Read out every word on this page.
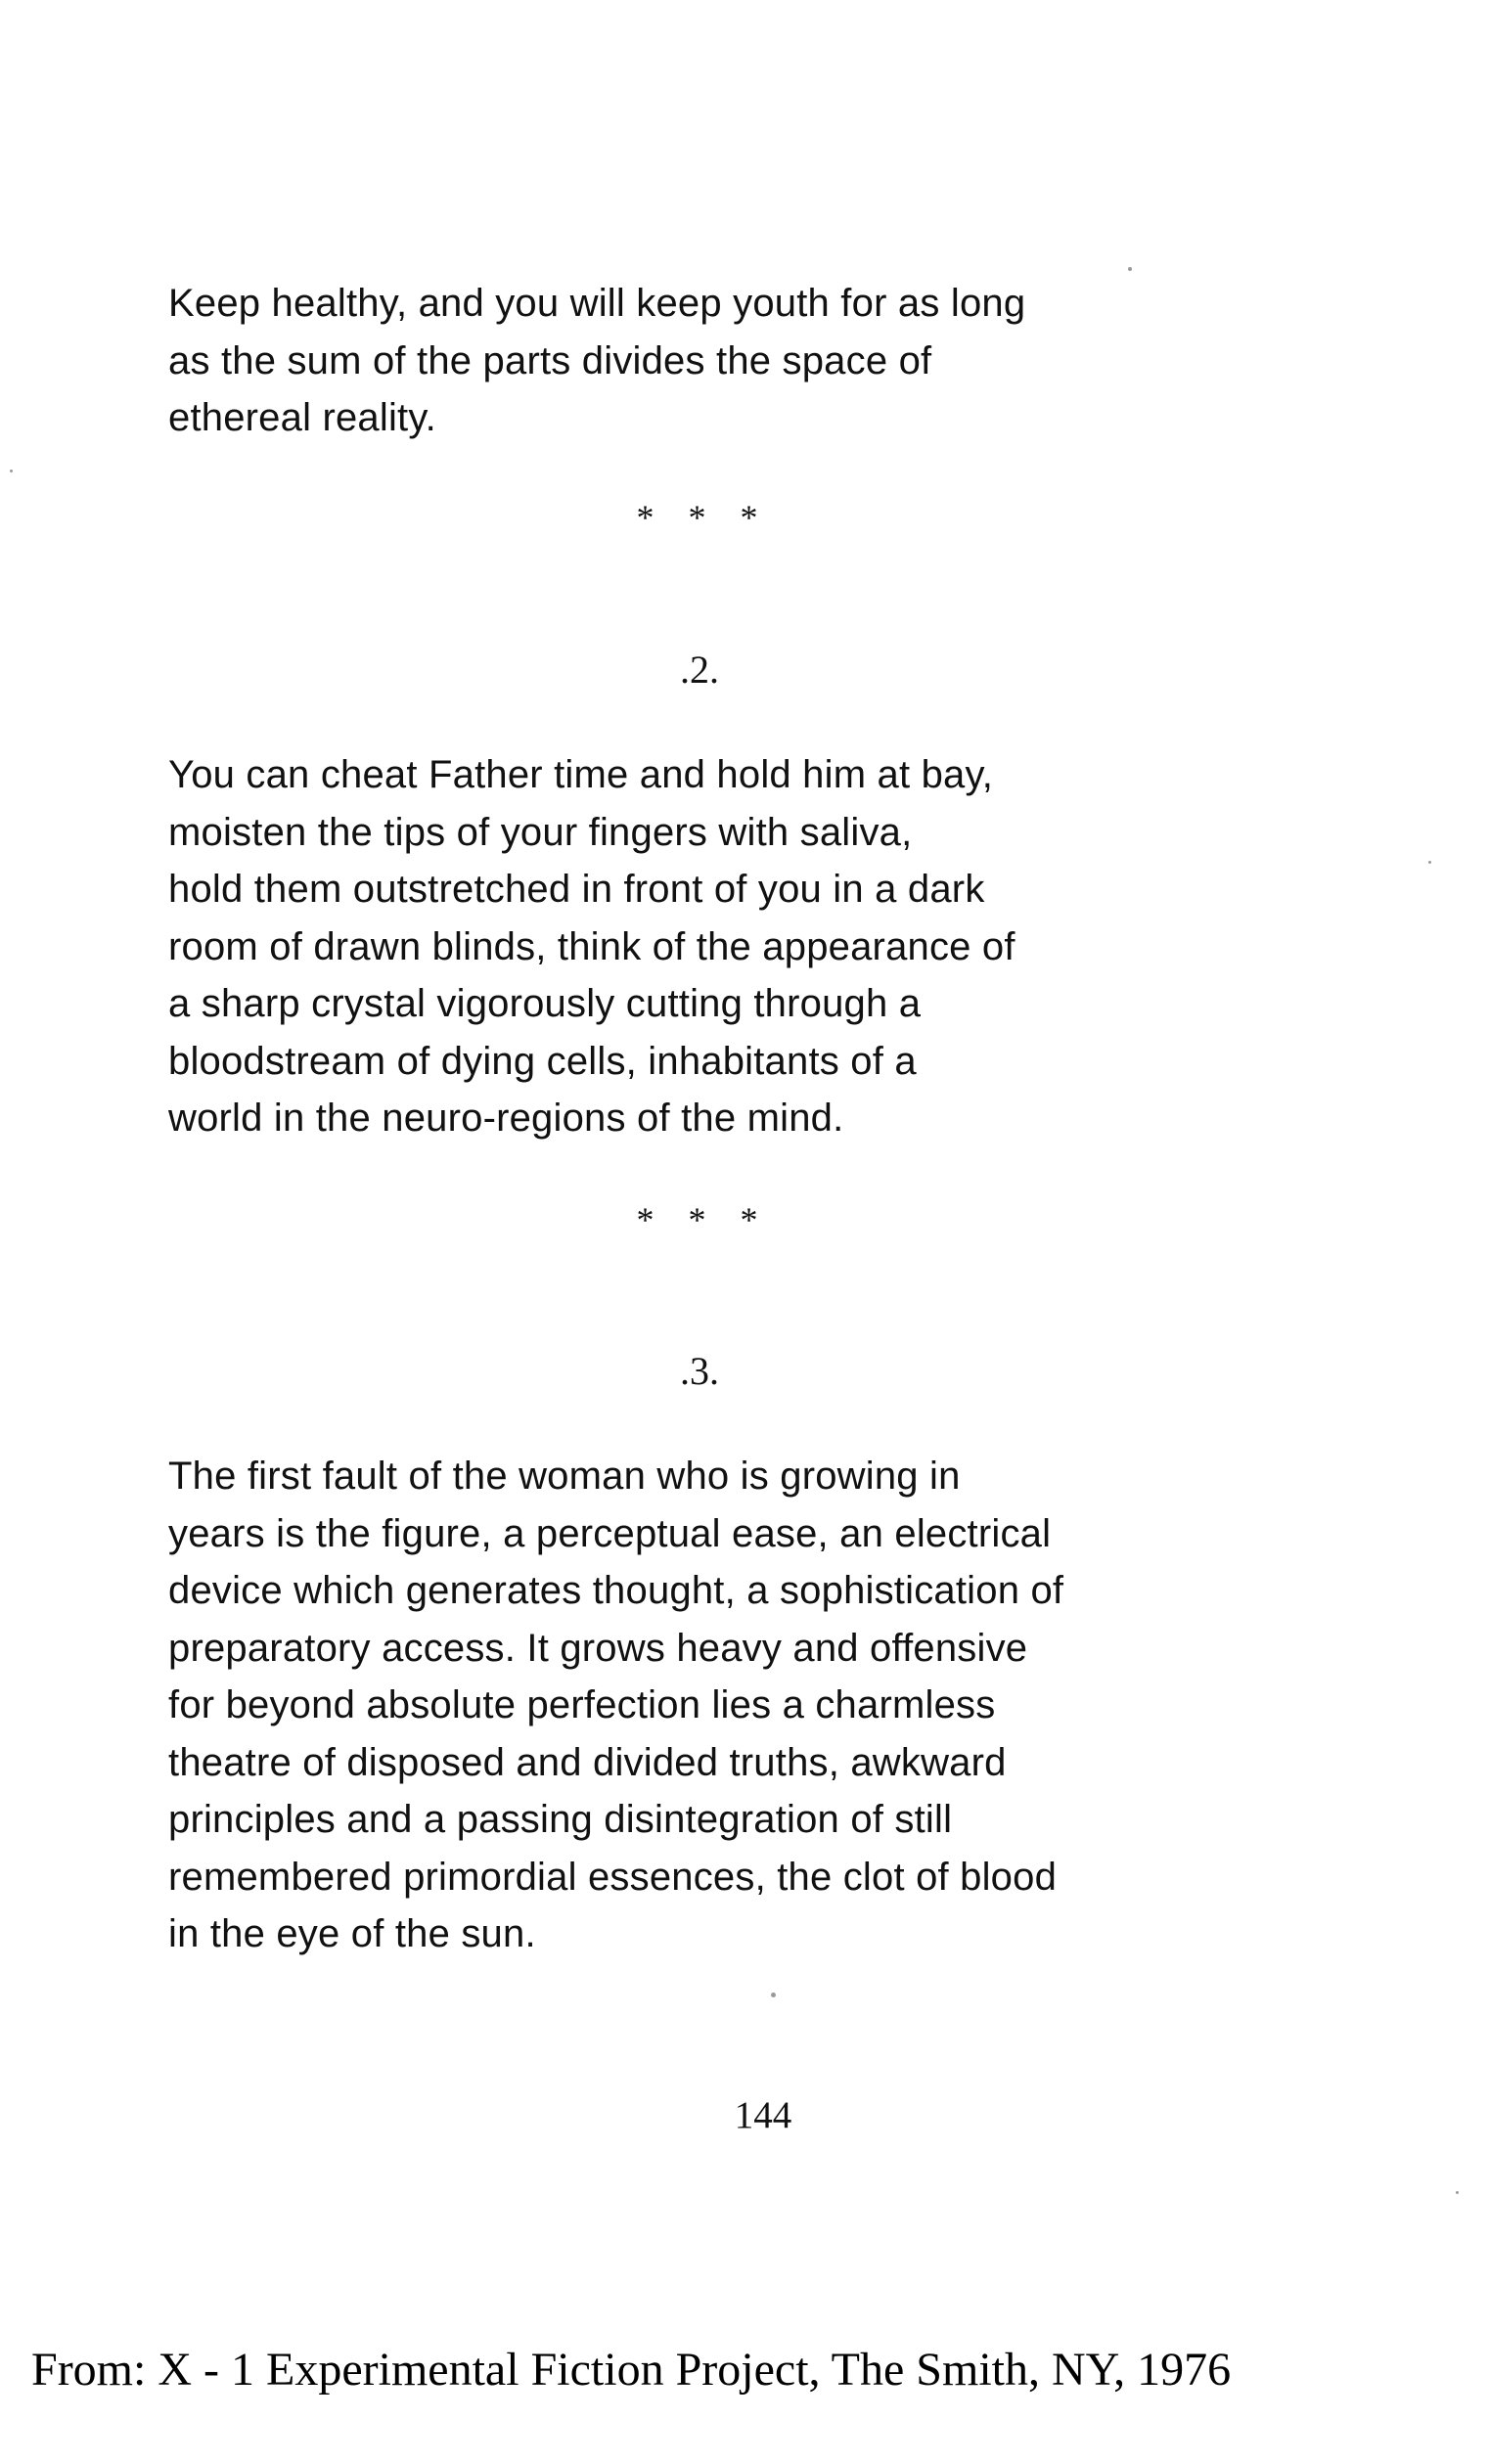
Keep healthy, and you will keep youth for as long
as the sum of the parts divides the space of
ethereal reality.

* * *
.2.

You can cheat Father time and hold him at bay,
moisten the tips of your fingers with saliva,
hold them outstretched in front of you in a dark
room of drawn blinds, think of the appearance of
a sharp crystal vigorously cutting through a
bloodstream of dying cells, inhabitants of a
world in the neuro-regions of the mind.

* * *
.3.

The first fault of the woman who is growing in
years is the figure, a perceptual ease, an electrical
device which generates thought, a sophistication of
preparatory access. It grows heavy and offensive
for beyond absolute perfection lies a charmless
theatre of disposed and divided truths, awkward
principles and a passing disintegration of still
remembered primordial essences, the clot of blood
in the eye of the sun.

144
From: X - 1 Experimental Fiction Project, The Smith, NY, 1976
